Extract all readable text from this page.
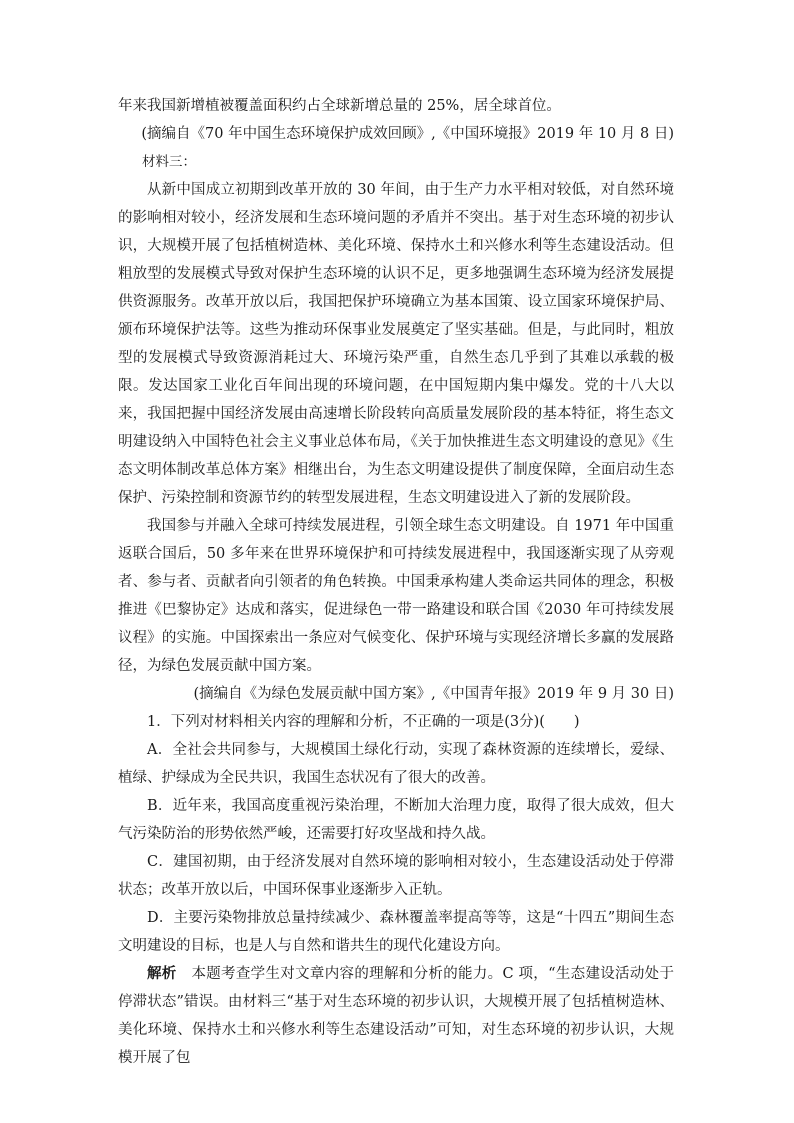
年来我国新增植被覆盖面积约占全球新增总量的 25%，居全球首位。

(摘编自《70 年中国生态环境保护成效回顾》,《中国环境报》2019 年 10 月 8 日)

材料三：

从新中国成立初期到改革开放的 30 年间，由于生产力水平相对较低，对自然环境的影响相对较小，经济发展和生态环境问题的矛盾并不突出。基于对生态环境的初步认识，大规模开展了包括植树造林、美化环境、保持水土和兴修水利等生态建设活动。但粗放型的发展模式导致对保护生态环境的认识不足，更多地强调生态环境为经济发展提供资源服务。改革开放以后，我国把保护环境确立为基本国策、设立国家环境保护局、颁布环境保护法等。这些为推动环保事业发展奠定了坚实基础。但是，与此同时，粗放型的发展模式导致资源消耗过大、环境污染严重，自然生态几乎到了其难以承载的极限。发达国家工业化百年间出现的环境问题，在中国短期内集中爆发。党的十八大以来，我国把握中国经济发展由高速增长阶段转向高质量发展阶段的基本特征，将生态文明建设纳入中国特色社会主义事业总体布局，《关于加快推进生态文明建设的意见》《生态文明体制改革总体方案》相继出台，为生态文明建设提供了制度保障，全面启动生态保护、污染控制和资源节约的转型发展进程，生态文明建设进入了新的发展阶段。

我国参与并融入全球可持续发展进程，引领全球生态文明建设。自 1971 年中国重返联合国后，50 多年来在世界环境保护和可持续发展进程中，我国逐渐实现了从旁观者、参与者、贡献者向引领者的角色转换。中国秉承构建人类命运共同体的理念，积极推进《巴黎协定》达成和落实，促进绿色一带一路建设和联合国《2030 年可持续发展议程》的实施。中国探索出一条应对气候变化、保护环境与实现经济增长多赢的发展路径，为绿色发展贡献中国方案。

(摘编自《为绿色发展贡献中国方案》,《中国青年报》2019 年 9 月 30 日)

1．下列对材料相关内容的理解和分析，不正确的一项是(3分)(　　)

A．全社会共同参与，大规模国土绿化行动，实现了森林资源的连续增长，爱绿、植绿、护绿成为全民共识，我国生态状况有了很大的改善。

B．近年来，我国高度重视污染治理，不断加大治理力度，取得了很大成效，但大气污染防治的形势依然严峻，还需要打好攻坚战和持久战。

C．建国初期，由于经济发展对自然环境的影响相对较小，生态建设活动处于停滞状态；改革开放以后，中国环保事业逐渐步入正轨。

D．主要污染物排放总量持续减少、森林覆盖率提高等等，这是“十四五”期间生态文明建设的目标，也是人与自然和谐共生的现代化建设方向。

解析　 本题考查学生对文章内容的理解和分析的能力。C 项，“生态建设活动处于停滞状态”错误。由材料三“基于对生态环境的初步认识，大规模开展了包括植树造林、美化环境、保持水土和兴修水利等生态建设活动”可知，对生态环境的初步认识，大规模开展了包
